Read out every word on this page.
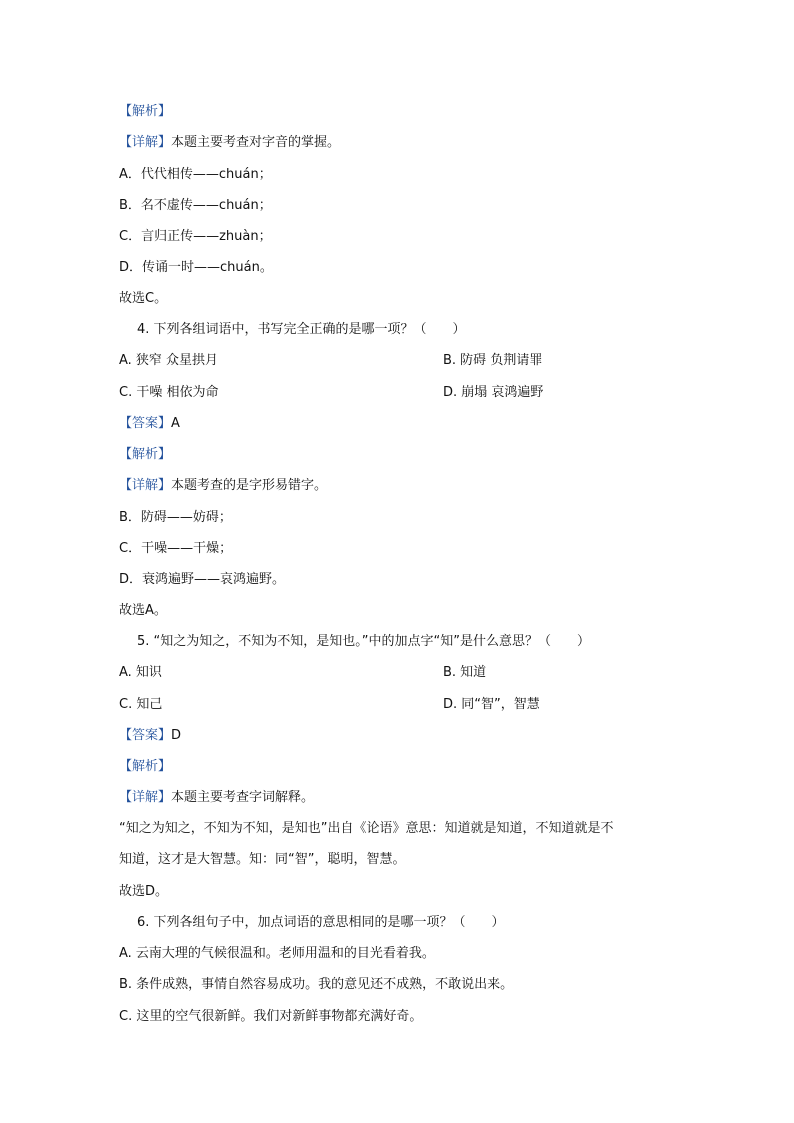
【解析】
【详解】本题主要考查对字音的掌握。
A．代代相传——chuán；
B．名不虚传——chuán；
C．言归正传——zhuàn；
D．传诵一时——chuán。
故选C。
4. 下列各组词语中，书写完全正确的是哪一项？（　　）
A. 狭窄 众星拱月	B. 防碍 负荆请罪
C. 干噪 相依为命	D. 崩塌 哀鸿遍野
【答案】A
【解析】
【详解】本题考查的是字形易错字。
B．防碍——妨碍；
C．干噪——干燥；
D．衰鸿遍野——哀鸿遍野。
故选A。
5. “知之为知之，不知为不知，是知也。”中的加点字“知”是什么意思？（　　）
A. 知识	B. 知道
C. 知己	D. 同“智”，智慧
【答案】D
【解析】
【详解】本题主要考查字词解释。
“知之为知之，不知为不知，是知也”出自《论语》意思：知道就是知道，不知道就是不
知道，这才是大智慧。知：同“智”，聪明，智慧。
故选D。
6. 下列各组句子中，加点词语的意思相同的是哪一项？（　　）
A. 云南大理的气候很温和。老师用温和的目光看着我。
B. 条件成熟，事情自然容易成功。我的意见还不成熟，不敢说出来。
C. 这里的空气很新鲜。我们对新鲜事物都充满好奇。
